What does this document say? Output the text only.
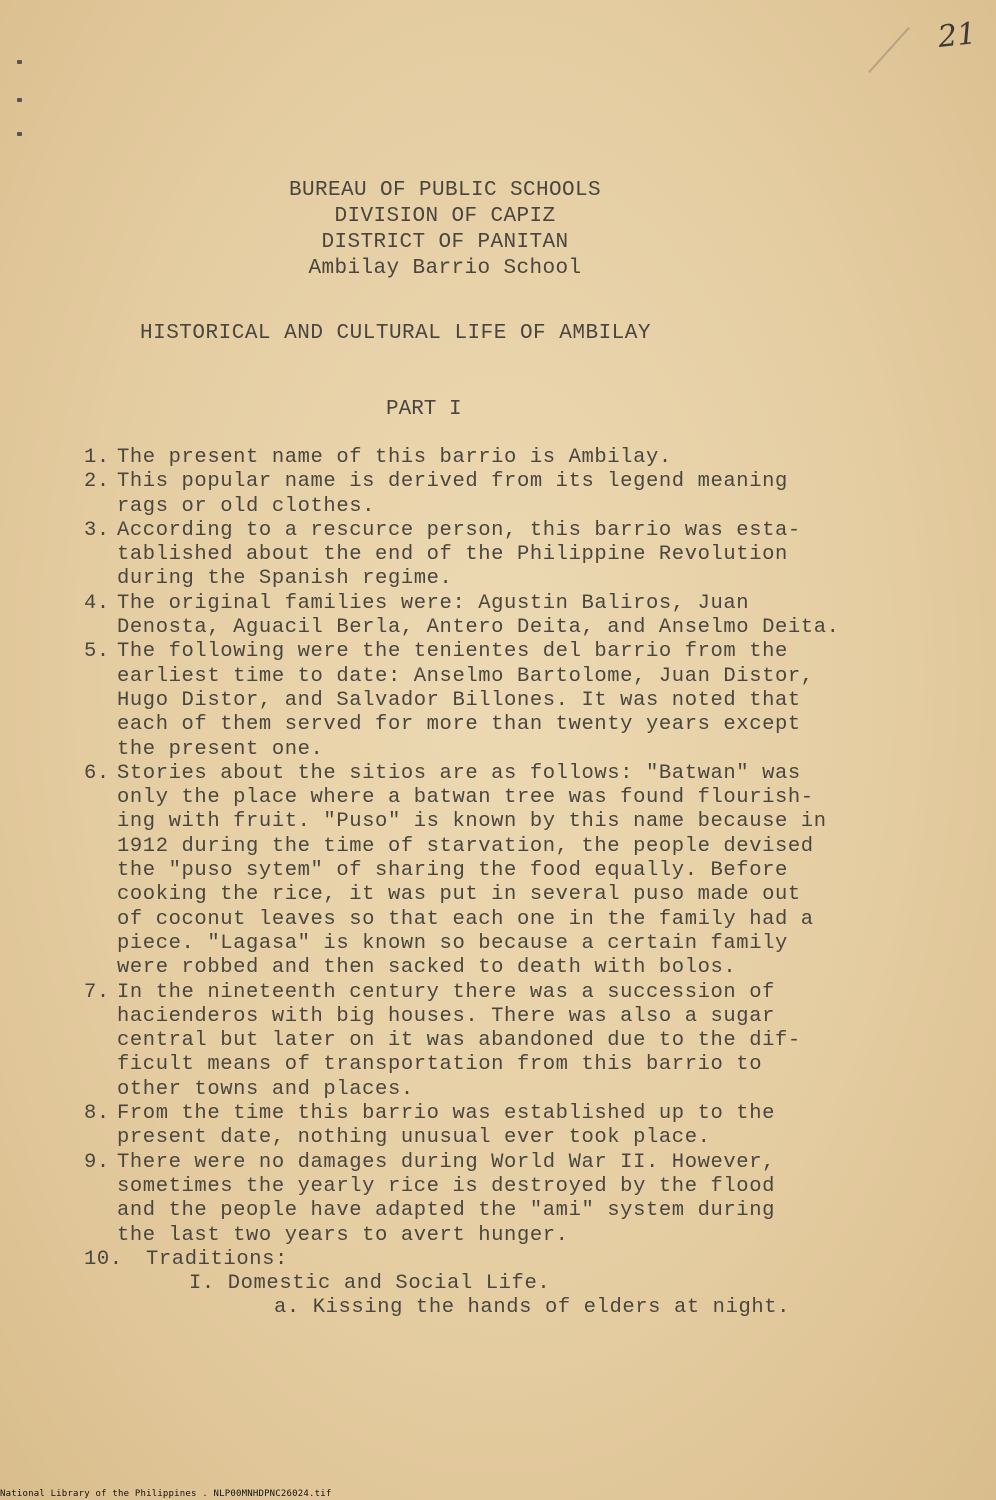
21
BUREAU OF PUBLIC SCHOOLS
DIVISION OF CAPIZ
DISTRICT OF PANITAN
Ambilay Barrio School
HISTORICAL AND CULTURAL LIFE OF AMBILAY
PART I
1. The present name of this barrio is Ambilay.

2. This popular name is derived from its legend meaning

rags or old clothes.

3. According to a rescurce person, this barrio was esta-

tablished about the end of the Philippine Revolution

during the Spanish regime.

4. The original families were: Agustin Baliros, Juan

Denosta, Aguacil Berla, Antero Deita, and Anselmo Deita.

5. The following were the tenientes del barrio from the

earliest time to date: Anselmo Bartolome, Juan Distor,

Hugo Distor, and Salvador Billones. It was noted that

each of them served for more than twenty years except

the present one.

6. Stories about the sitios are as follows: "Batwan" was

only the place where a batwan tree was found flourish-

ing with fruit. "Puso" is known by this name because in

1912 during the time of starvation, the people devised

the "puso sytem" of sharing the food equally. Before

cooking the rice, it was put in several puso made out

of coconut leaves so that each one in the family had a

piece. "Lagasa" is known so because a certain family

were robbed and then sacked to death with bolos.

7. In the nineteenth century there was a succession of

hacienderos with big houses. There was also a sugar

central but later on it was abandoned due to the dif-

ficult means of transportation from this barrio to

other towns and places.

8. From the time this barrio was established up to the

present date, nothing unusual ever took place.

9. There were no damages during World War II. However,

sometimes the yearly rice is destroyed by the flood

and the people have adapted the "ami" system during

the last two years to avert hunger.

10. Traditions:

I. Domestic and Social Life.
a. Kissing the hands of elders at night.
National Library of the Philippines . NLP00MNHDPNC26024.tif
